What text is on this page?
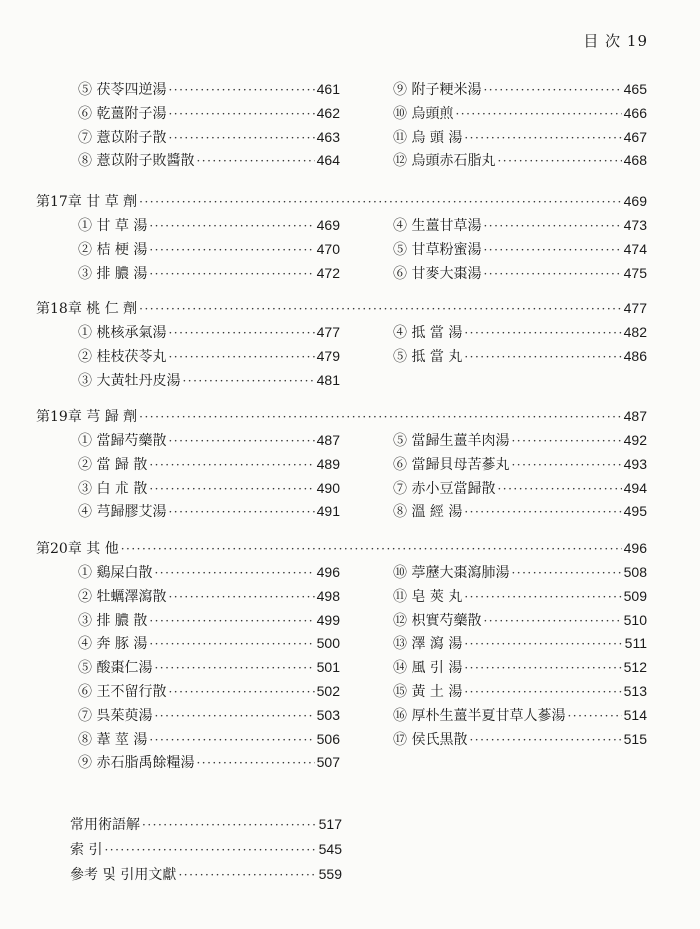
目 次 19
⑤ 茯苓四逆湯 ·····	461
⑥ 乾薑附子湯 ·····	462
⑦ 薏苡附子散 ·····	463
⑧ 薏苡附子敗醬散 ·····	464
⑨ 附子粳米湯 ·····	465
⑩ 烏頭煎 ·····	466
⑪ 烏 頭 湯 ·····	467
⑫ 烏頭赤石脂丸 ·····	468
第17章 甘 草 劑 ·····	469
① 甘 草 湯 ·····	469
② 桔 梗 湯 ·····	470
③ 排 膿 湯 ·····	472
④ 生薑甘草湯 ·····	473
⑤ 甘草粉蜜湯 ·····	474
⑥ 甘麥大棗湯 ·····	475
第18章 桃 仁 劑 ·····	477
① 桃核承氣湯 ·····	477
② 桂枝茯苓丸 ·····	479
③ 大黃牡丹皮湯 ·····	481
④ 抵 當 湯 ·····	482
⑤ 抵 當 丸 ·····	486
第19章 芎 歸 劑 ·····	487
① 當歸芍藥散 ·····	487
② 當 歸 散 ·····	489
③ 白 朮 散 ·····	490
④ 芎歸膠艾湯 ·····	491
⑤ 當歸生薑羊肉湯 ·····	492
⑥ 當歸貝母苦蔘丸 ·····	493
⑦ 赤小豆當歸散 ·····	494
⑧ 溫 經 湯 ·····	495
第20章 其 他 ·····	496
① 鷄屎白散 ·····	496
② 牡蠣澤瀉散 ·····	498
③ 排 膿 散 ·····	499
④ 奔 豚 湯 ·····	500
⑤ 酸棗仁湯 ·····	501
⑥ 王不留行散 ·····	502
⑦ 呉茱萸湯 ·····	503
⑧ 葦 莖 湯 ·····	506
⑨ 赤石脂禹餘糧湯 ·····	507
⑩ 葶藶大棗瀉肺湯 ·····	508
⑪ 皂 莢 丸 ·····	509
⑫ 枳實芍藥散 ·····	510
⑬ 澤 瀉 湯 ·····	511
⑭ 風 引 湯 ·····	512
⑮ 黃 土 湯 ·····	513
⑯ 厚朴生薑半夏甘草人蔘湯 ·····	514
⑰ 侯氏黒散 ·····	515
常用術語解 ·····	517
索 引 ·····	545
參考 및 引用文獻 ·····	559
